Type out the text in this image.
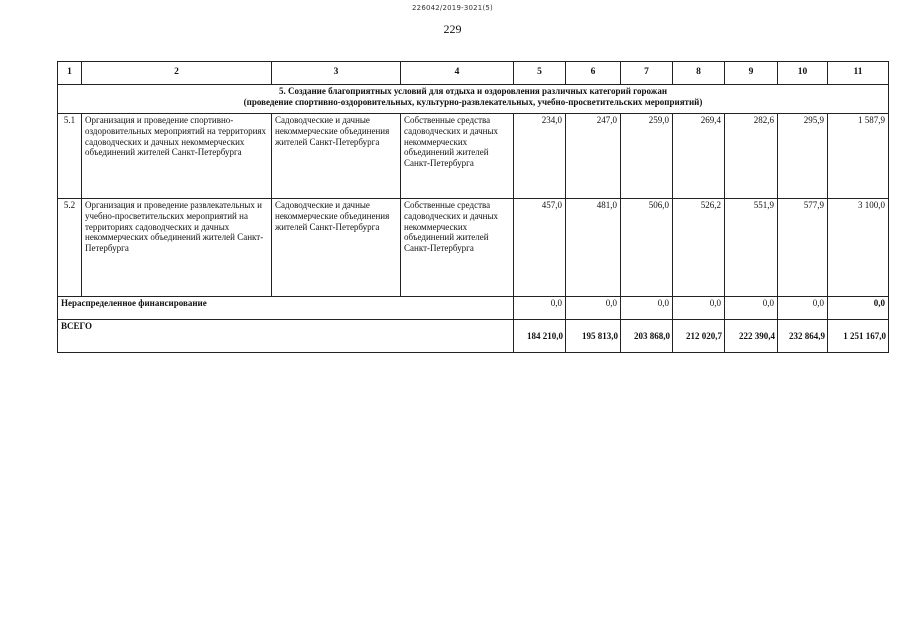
226042/2019-3021(5)
229
1	2	3	4	5	6	7	8	9	10	11

5. Создание благоприятных условий для отдыха и оздоровления различных категорий горожан
(проведение спортивно-оздоровительных, культурно-развлекательных, учебно-просветительских мероприятий)										

5.1	Организация и проведение спортивно-оздоровительных мероприятий на территориях садоводческих и дачных некоммерческих объединений жителей Санкт-Петербурга	Садоводческие и дачные некоммерческие объединения жителей Санкт-Петербурга	Собственные средства садоводческих и дачных некоммерческих объединений жителей Санкт-Петербурга	234,0	247,0	259,0	269,4	282,6	295,9	1 587,9
5.2	Организация и проведение развлекательных и учебно-просветительских мероприятий на территориях садоводческих и дачных некоммерческих объединений жителей Санкт-Петербурга	Садоводческие и дачные некоммерческие объединения жителей Санкт-Петербурга	Собственные средства садоводческих и дачных некоммерческих объединений жителей Санкт-Петербурга	457,0	481,0	506,0	526,2	551,9	577,9	3 100,0
Нераспределенное финансирование				0,0	0,0	0,0	0,0	0,0	0,0	0,0
ВСЕГО				184 210,0	195 813,0	203 868,0	212 020,7	222 390,4	232 864,9	1 251 167,0
